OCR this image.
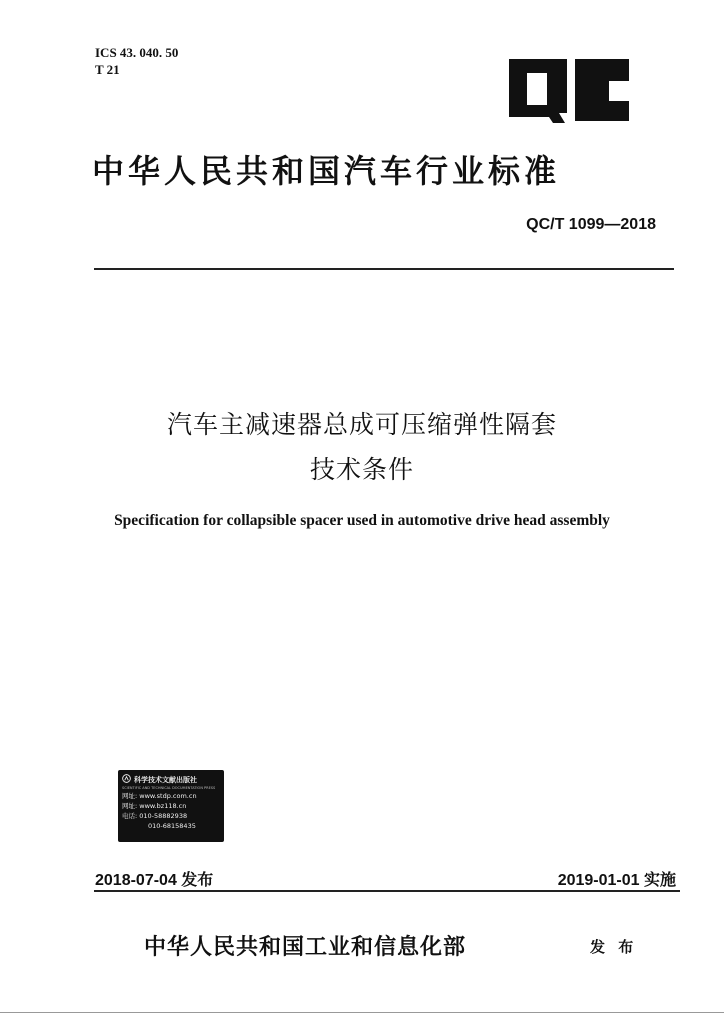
ICS 43. 040. 50
T 21
中华人民共和国汽车行业标准
QC/T 1099—2018
汽车主减速器总成可压缩弹性隔套
技术条件
Specification for collapsible spacer used in automotive drive head assembly
科学技术文献出版社
SCIENTIFIC AND TECHNICAL DOCUMENTATION PRESS
网址: www.stdp.com.cn
网址: www.bz118.cn
电话: 010-58882938
010-68158435
2018-07-04 发布	2019-01-01 实施
中华人民共和国工业和信息化部	发 布
